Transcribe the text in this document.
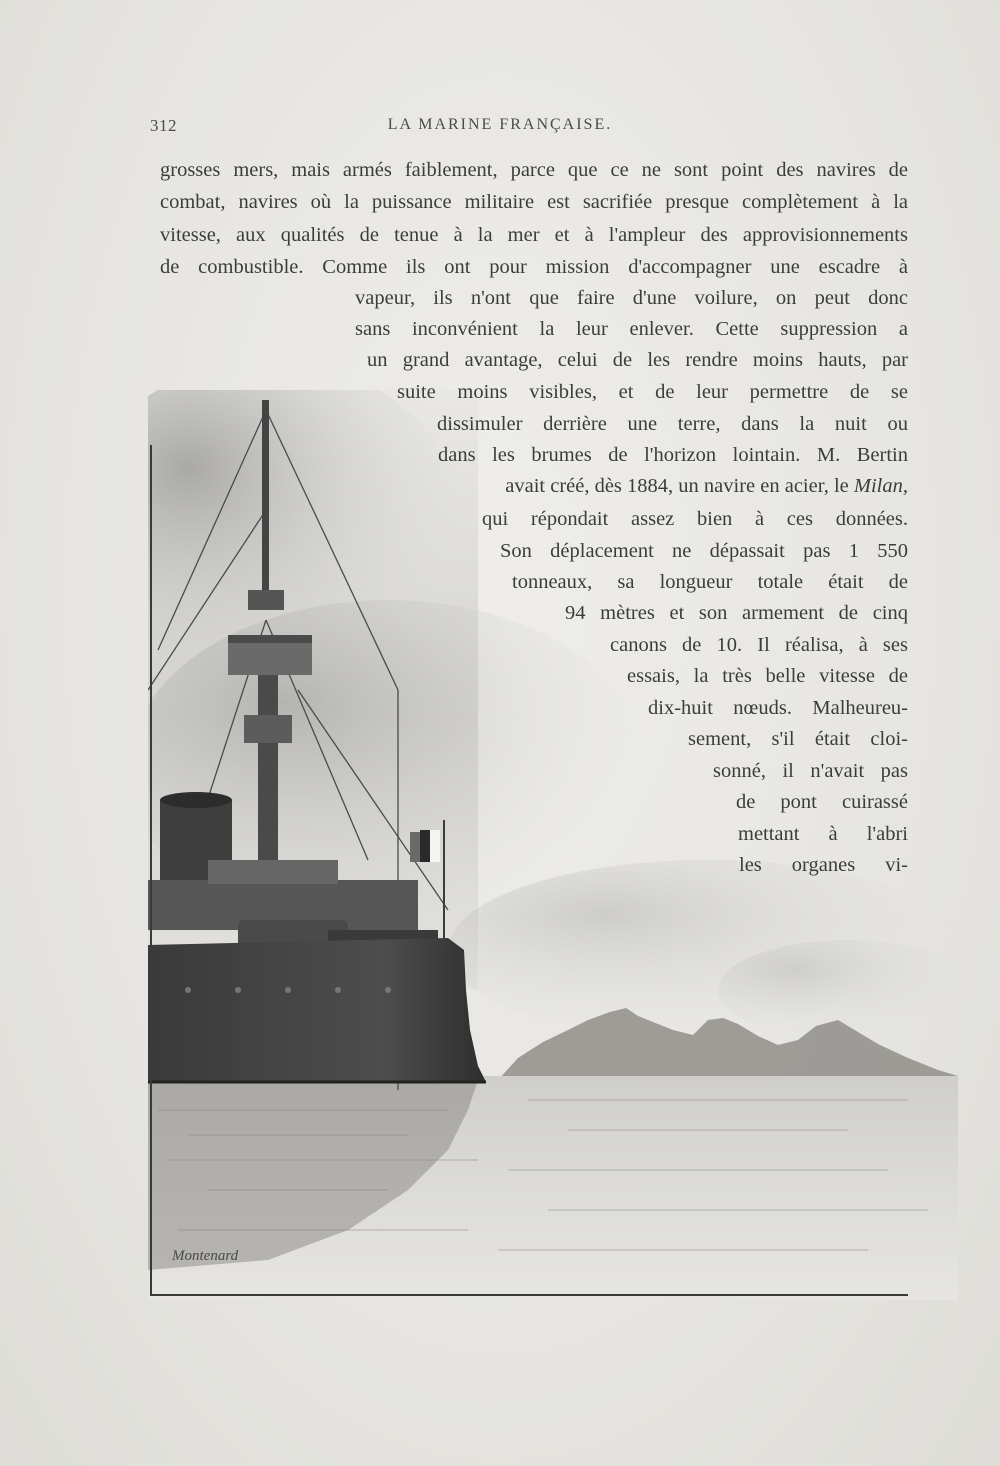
312	LA MARINE FRANÇAISE.
Montenard
grosses mers, mais armés faiblement, parce que ce ne sont point des navires de
combat, navires où la puissance militaire est sacrifiée presque complètement à la
vitesse, aux qualités de tenue à la mer et à l'ampleur des approvisionnements
de combustible. Comme ils ont pour mission d'accompagner une escadre à
vapeur, ils n'ont que faire d'une voilure, on peut donc
sans inconvénient la leur enlever. Cette suppression a
un grand avantage, celui de les rendre moins hauts, par
suite moins visibles, et de leur permettre de se
dissimuler derrière une terre, dans la nuit ou
dans les brumes de l'horizon lointain. M. Bertin
avait créé, dès 1884, un navire en acier, le Milan,
qui répondait assez bien à ces données.
Son déplacement ne dépassait pas 1 550
tonneaux, sa longueur totale était de
94 mètres et son armement de cinq
canons de 10. Il réalisa, à ses
essais, la très belle vitesse de
dix-huit nœuds. Malheureu-
sement, s'il était cloi-
sonné, il n'avait pas
de pont cuirassé
mettant à l'abri
les organes vi-
